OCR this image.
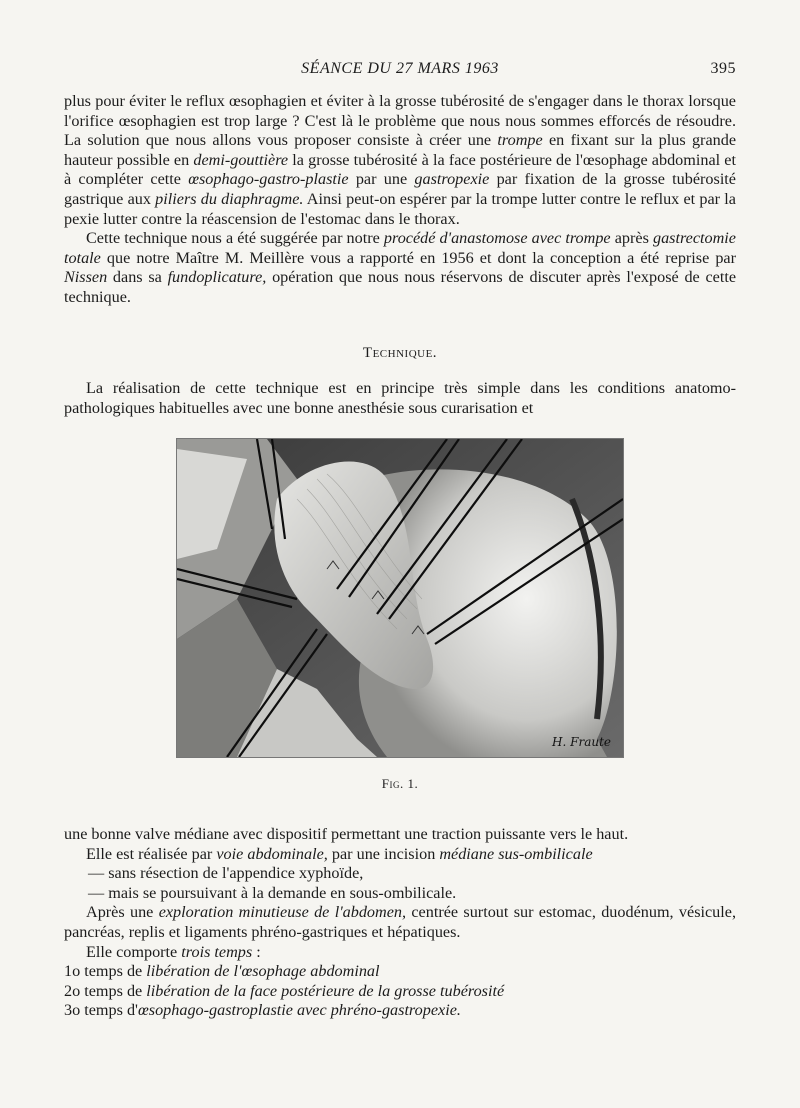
SÉANCE DU 27 MARS 1963	395

plus pour éviter le reflux œsophagien et éviter à la grosse tubérosité de s'engager dans le thorax lorsque l'orifice œsophagien est trop large ? C'est là le problème que nous nous sommes efforcés de résoudre. La solution que nous allons vous proposer consiste à créer une trompe en fixant sur la plus grande hauteur possible en demi-gouttière la grosse tubérosité à la face postérieure de l'œsophage abdominal et à compléter cette œsophago-gastro-plastie par une gastropexie par fixation de la grosse tubérosité gastrique aux piliers du diaphragme. Ainsi peut-on espérer par la trompe lutter contre le reflux et par la pexie lutter contre la réascension de l'estomac dans le thorax.

Cette technique nous a été suggérée par notre procédé d'anastomose avec trompe après gastrectomie totale que notre Maître M. Meillère vous a rapporté en 1956 et dont la conception a été reprise par Nissen dans sa fundoplicature, opération que nous nous réservons de discuter après l'exposé de cette technique.

Technique.

La réalisation de cette technique est en principe très simple dans les conditions anatomo-pathologiques habituelles avec une bonne anesthésie sous curarisation et

H. Fraute
Fig. 1.

une bonne valve médiane avec dispositif permettant une traction puissante vers le haut.

Elle est réalisée par voie abdominale, par une incision médiane sus-ombilicale

— sans résection de l'appendice xyphoïde,

— mais se poursuivant à la demande en sous-ombilicale.

Après une exploration minutieuse de l'abdomen, centrée surtout sur estomac, duodénum, vésicule, pancréas, replis et ligaments phréno-gastriques et hépatiques.

Elle comporte trois temps :

1o temps de libération de l'œsophage abdominal

2o temps de libération de la face postérieure de la grosse tubérosité

3o temps d'œsophago-gastroplastie avec phréno-gastropexie.
